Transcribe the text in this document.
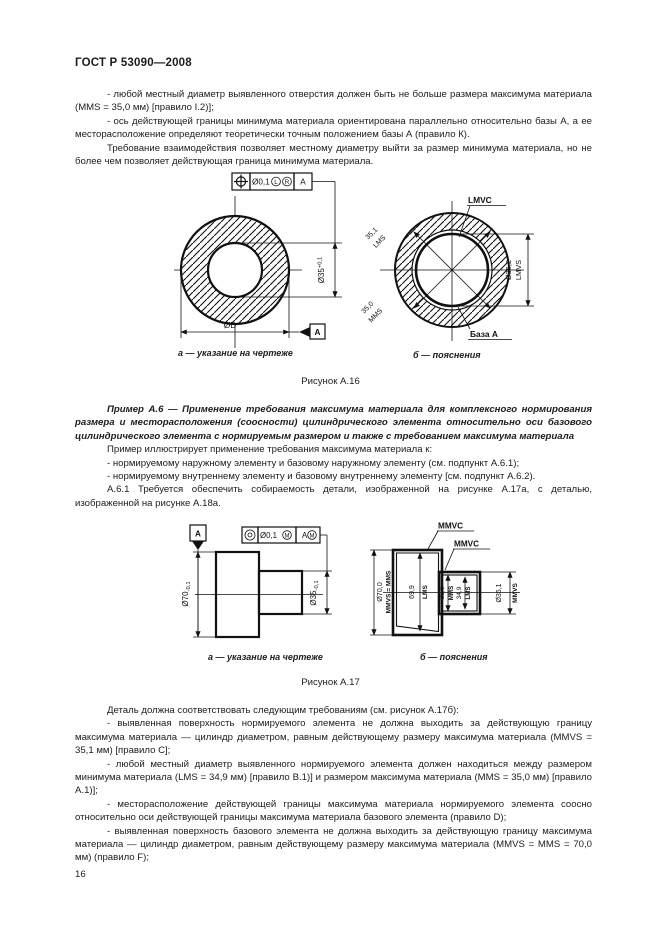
ГОСТ Р 53090—2008

- любой местный диаметр выявленного отверстия должен быть не больше размера максимума материала (MMS = 35,0 мм) [правило I.2)];

- ось действующей границы минимума материала ориентирована параллельно относительно базы А, а ее месторасположение определяют теоретически точным положением базы А (правило К).

Требование взаимодействия позволяет местному диаметру выйти за размер минимума материала, но не более чем позволяет действующая граница минимума материала.

Ø0,1 L R A
$Ø35^{+0,1}$
ØD
A
LMVC
35,1
LMS
Ø35,2 LMVS
35,0
MMS
База А
а — указание на чертеже	б — пояснения
Рисунок А.16

Пример А.6 — Применение требования максимума материала для комплексного нормирования размера и месторасположения (соосности) цилиндрического элемента относительно оси базового цилиндрического элемента с нормируемым размером и также с требованием максимума материала

Пример иллюстрирует применение требования максимума материала к:

- нормируемому наружному элементу и базовому наружному элементу (см. подпункт А.6.1);

- нормируемому внутреннему элементу и базовому внутреннему элементу [см. подпункт А.6.2).

А.6.1 Требуется обеспечить собираемость детали, изображенной на рисунке А.17а, с деталью, изображенной на рисунке А.18а.

A
$Ø70_{-0,1}$
Ø0,1 M A M
$Ø35_{-0,1}$
MMVC
MMVC
Ø70,0 MMVS = MMS 69,9 LMS 35,0 MMS 34,9 LMS	Ø35,1 MMVS
а — указание на чертеже	б — пояснения
Рисунок А.17

Деталь должна соответствовать следующим требованиям (см. рисунок А.17б):

- выявленная поверхность нормируемого элемента не должна выходить за действующую границу максимума материала — цилиндр диаметром, равным действующему размеру максимума материала (MMVS = 35,1 мм) [правило C];

- любой местный диаметр выявленного нормируемого элемента должен находиться между размером минимума материала (LMS = 34,9 мм) [правило B.1)] и размером максимума материала (MMS = 35,0 мм) [правило A.1)];

- месторасположение действующей границы максимума материала нормируемого элемента соосно относительно оси действующей границы максимума материала базового элемента (правило D);

- выявленная поверхность базового элемента не должна выходить за действующую границу максимума материала — цилиндр диаметром, равным действующему размеру максимума материала (MMVS = MMS = 70,0 мм) (правило F);

16
